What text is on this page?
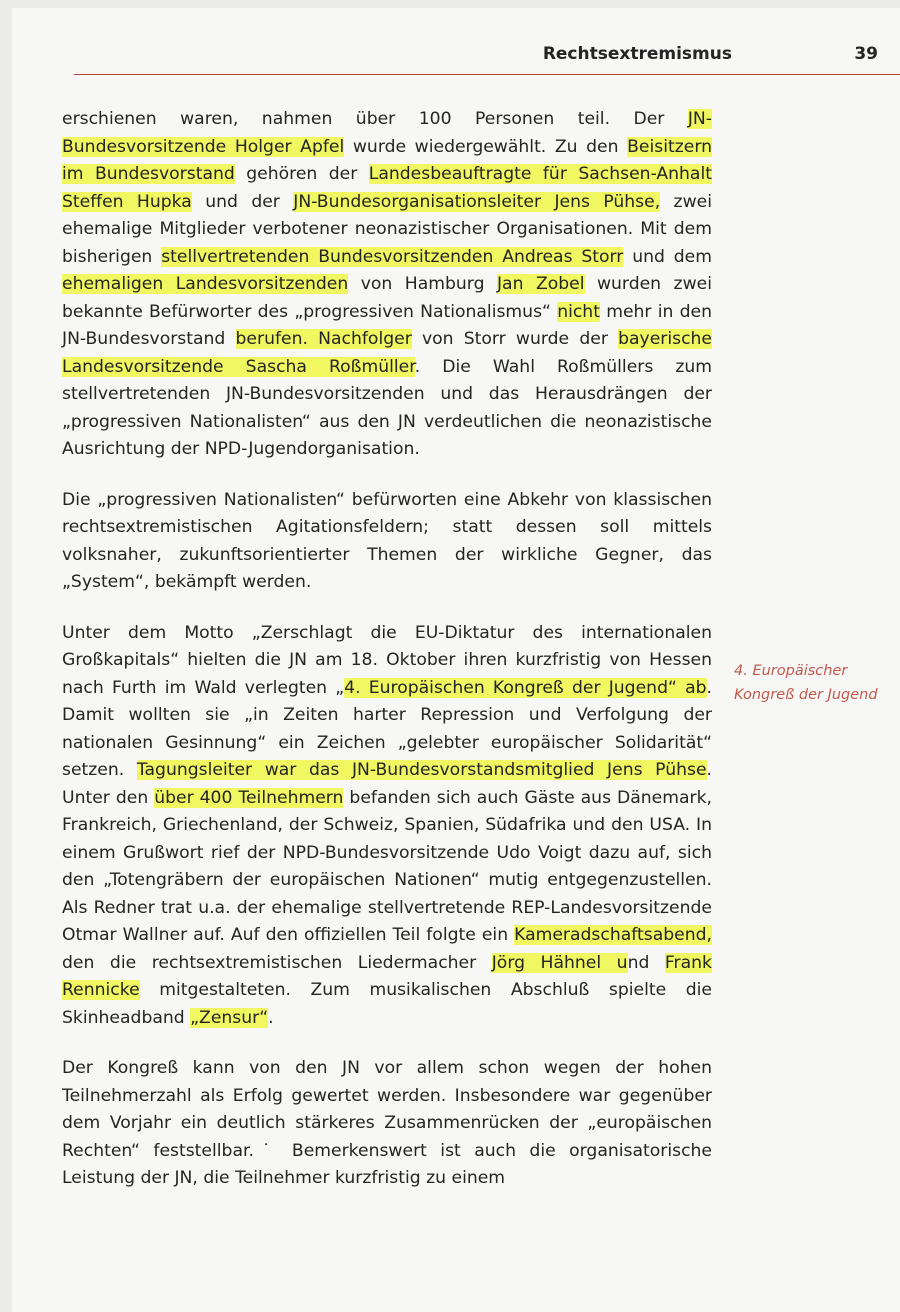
Rechtsextremismus	39
4. Europäischer Kongreß der Jugend

erschienen waren, nahmen über 100 Personen teil. Der JN-Bundesvorsitzende Holger Apfel wurde wiedergewählt. Zu den Beisitzern im Bundesvorstand gehören der Landesbeauftragte für Sachsen-Anhalt Steffen Hupka und der JN-Bundesorganisationsleiter Jens Pühse, zwei ehemalige Mitglieder verbotener neonazistischer Organisationen. Mit dem bisherigen stellvertretenden Bundesvorsitzenden Andreas Storr und dem ehemaligen Landesvorsitzenden von Hamburg Jan Zobel wurden zwei bekannte Befürworter des „progressiven Nationalismus“ nicht mehr in den JN-Bundesvorstand berufen. Nachfolger von Storr wurde der bayerische Landesvorsitzende Sascha Roßmüller. Die Wahl Roßmüllers zum stellvertretenden JN-Bundesvorsitzenden und das Herausdrängen der „progressiven Nationalisten“ aus den JN verdeutlichen die neonazistische Ausrichtung der NPD-Jugendorganisation.

Die „progressiven Nationalisten“ befürworten eine Abkehr von klassischen rechtsextremistischen Agitationsfeldern; statt dessen soll mittels volksnaher, zukunftsorientierter Themen der wirkliche Gegner, das „System“, bekämpft werden.

Unter dem Motto „Zerschlagt die EU-Diktatur des internationalen Großkapitals“ hielten die JN am 18. Oktober ihren kurzfristig von Hessen nach Furth im Wald verlegten „4. Europäischen Kongreß der Jugend“ ab. Damit wollten sie „in Zeiten harter Repression und Verfolgung der nationalen Gesinnung“ ein Zeichen „gelebter europäischer Solidarität“ setzen. Tagungsleiter war das JN-Bundesvorstandsmitglied Jens Pühse. Unter den über 400 Teilnehmern befanden sich auch Gäste aus Dänemark, Frankreich, Griechenland, der Schweiz, Spanien, Südafrika und den USA. In einem Grußwort rief der NPD-Bundesvorsitzende Udo Voigt dazu auf, sich den „Totengräbern der europäischen Nationen“ mutig entgegenzustellen. Als Redner trat u.a. der ehemalige stellvertretende REP-Landesvorsitzende Otmar Wallner auf. Auf den offiziellen Teil folgte ein Kameradschaftsabend, den die rechtsextremistischen Liedermacher Jörg Hähnel und Frank Rennicke mitgestalteten. Zum musikalischen Abschluß spielte die Skinheadband „Zensur“.

Der Kongreß kann von den JN vor allem schon wegen der hohen Teilnehmerzahl als Erfolg gewertet werden. Insbesondere war gegenüber dem Vorjahr ein deutlich stärkeres Zusammenrücken der „europäischen Rechten“ feststellbar.˙ Bemerkenswert ist auch die organisatorische Leistung der JN, die Teilnehmer kurzfristig zu einem
